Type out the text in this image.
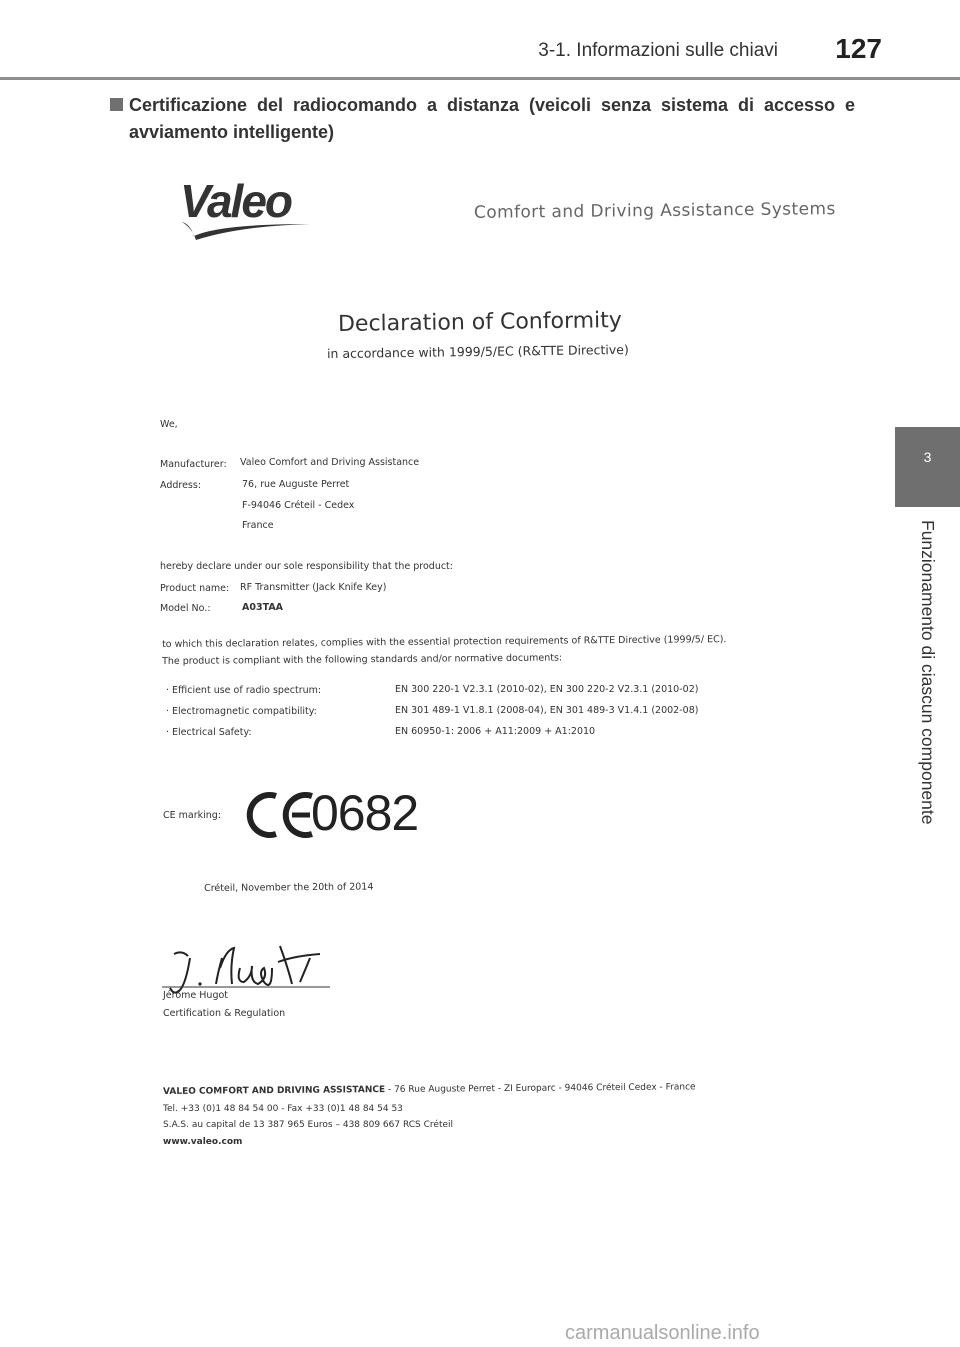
3-1. Informazioni sulle chiavi 127
3
Funzionamento di ciascun componente
Certificazione del radiocomando a distanza (veicoli senza sistema di accesso e
avviamento intelligente)
Valeo	Comfort and Driving Assistance Systems
Declaration of Conformity
in accordance with 1999/5/EC (R&TTE Directive)
We,
Manufacturer: Valeo Comfort and Driving Assistance
Address:	76, rue Auguste Perret
F-94046 Créteil - Cedex
France
hereby declare under our sole responsibility that the product:
Product name: RF Transmitter (Jack Knife Key)
Model No.:	A03TAA
to which this declaration relates, complies with the essential protection requirements of R&TTE Directive (1999/5/ EC).
The product is compliant with the following standards and/or normative documents:
· Efficient use of radio spectrum:	EN 300 220-1 V2.3.1 (2010-02), EN 300 220-2 V2.3.1 (2010-02)
· Electromagnetic compatibility:	EN 301 489-1 V1.8.1 (2008-04), EN 301 489-3 V1.4.1 (2002-08)
· Electrical Safety:	EN 60950-1: 2006 + A11:2009 + A1:2010
CE marking: 0682
Créteil, November the 20th of 2014
Jérôme Hugot
Certification & Regulation
VALEO COMFORT AND DRIVING ASSISTANCE - 76 Rue Auguste Perret - ZI Europarc - 94046 Créteil Cedex - France
Tel. +33 (0)1 48 84 54 00 - Fax +33 (0)1 48 84 54 53
S.A.S. au capital de 13 387 965 Euros – 438 809 667 RCS Créteil
www.valeo.com
carmanualsonline.info
